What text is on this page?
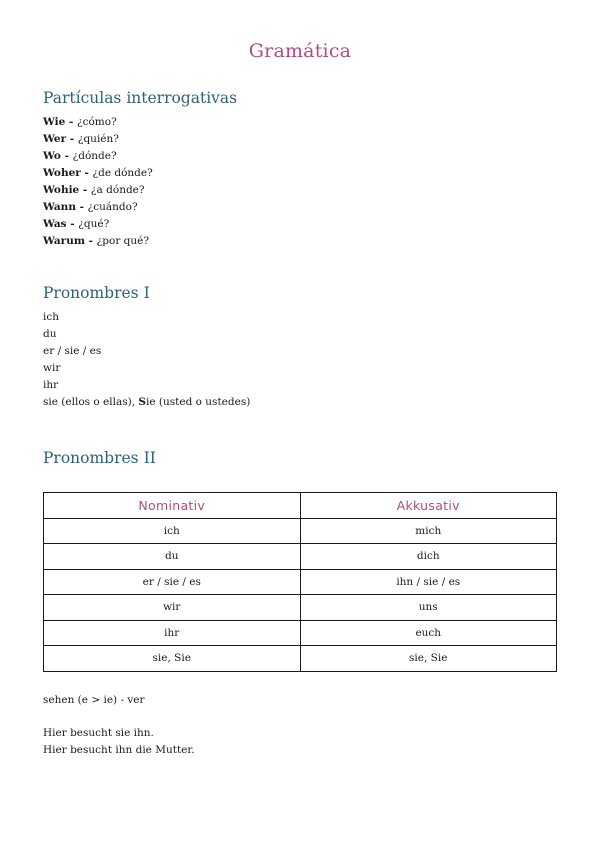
Gramática
Partículas interrogativas
Wie - ¿cómo?
Wer - ¿quién?
Wo - ¿dónde?
Woher - ¿de dónde?
Wohie - ¿a dónde?
Wann - ¿cuándo?
Was - ¿qué?
Warum - ¿por qué?
Pronombres I
ich
du
er / sie / es
wir
ihr
sie (ellos o ellas), Sie (usted o ustedes)
Pronombres II
Nominativ	Akkusativ
ich	mich
du	dich
er / sie / es	ihn / sie / es
wir	uns
ihr	euch
sie, Sie	sie, Sie
sehen (e > ie) - ver
Hier besucht sie ihn.
Hier besucht ihn die Mutter.
